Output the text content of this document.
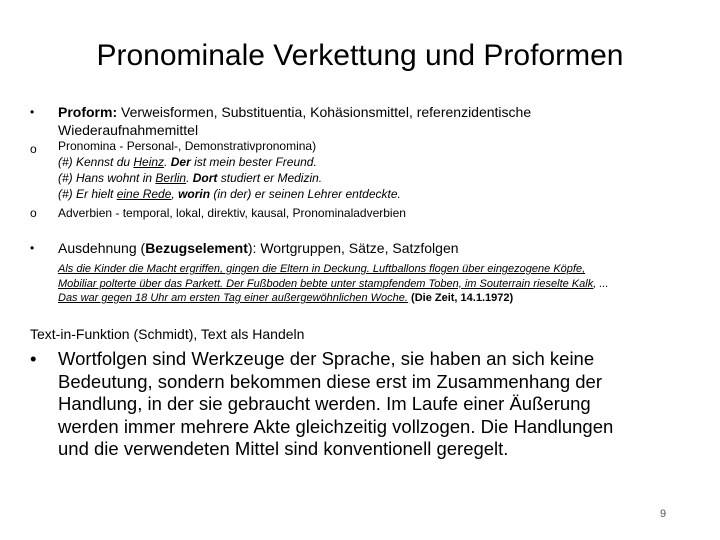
Pronominale Verkettung und Proformen
• Proform: Verweisformen, Substituentia, Kohäsionsmittel, referenzidentische
Wiederaufnahmemittel
o Pronomina - Personal-, Demonstrativpronomina)
(#) Kennst du Heinz. Der ist mein bester Freund.
(#) Hans wohnt in Berlin. Dort studiert er Medizin.
(#) Er hielt eine Rede, worin (in der) er seinen Lehrer entdeckte.
o Adverbien - temporal, lokal, direktiv, kausal, Pronominaladverbien
• Ausdehnung (Bezugselement): Wortgruppen, Sätze, Satzfolgen
Als die Kinder die Macht ergriffen, gingen die Eltern in Deckung. Luftballons flogen über eingezogene Köpfe,
Mobiliar polterte über das Parkett. Der Fußboden bebte unter stampfendem Toben, im Souterrain rieselte Kalk, ...
Das war gegen 18 Uhr am ersten Tag einer außergewöhnlichen Woche. (Die Zeit, 14.1.1972)
Text-in-Funktion (Schmidt), Text als Handeln
• Wortfolgen sind Werkzeuge der Sprache, sie haben an sich keine
Bedeutung, sondern bekommen diese erst im Zusammenhang der
Handlung, in der sie gebraucht werden. Im Laufe einer Äußerung
werden immer mehrere Akte gleichzeitig vollzogen. Die Handlungen
und die verwendeten Mittel sind konventionell geregelt.
9
